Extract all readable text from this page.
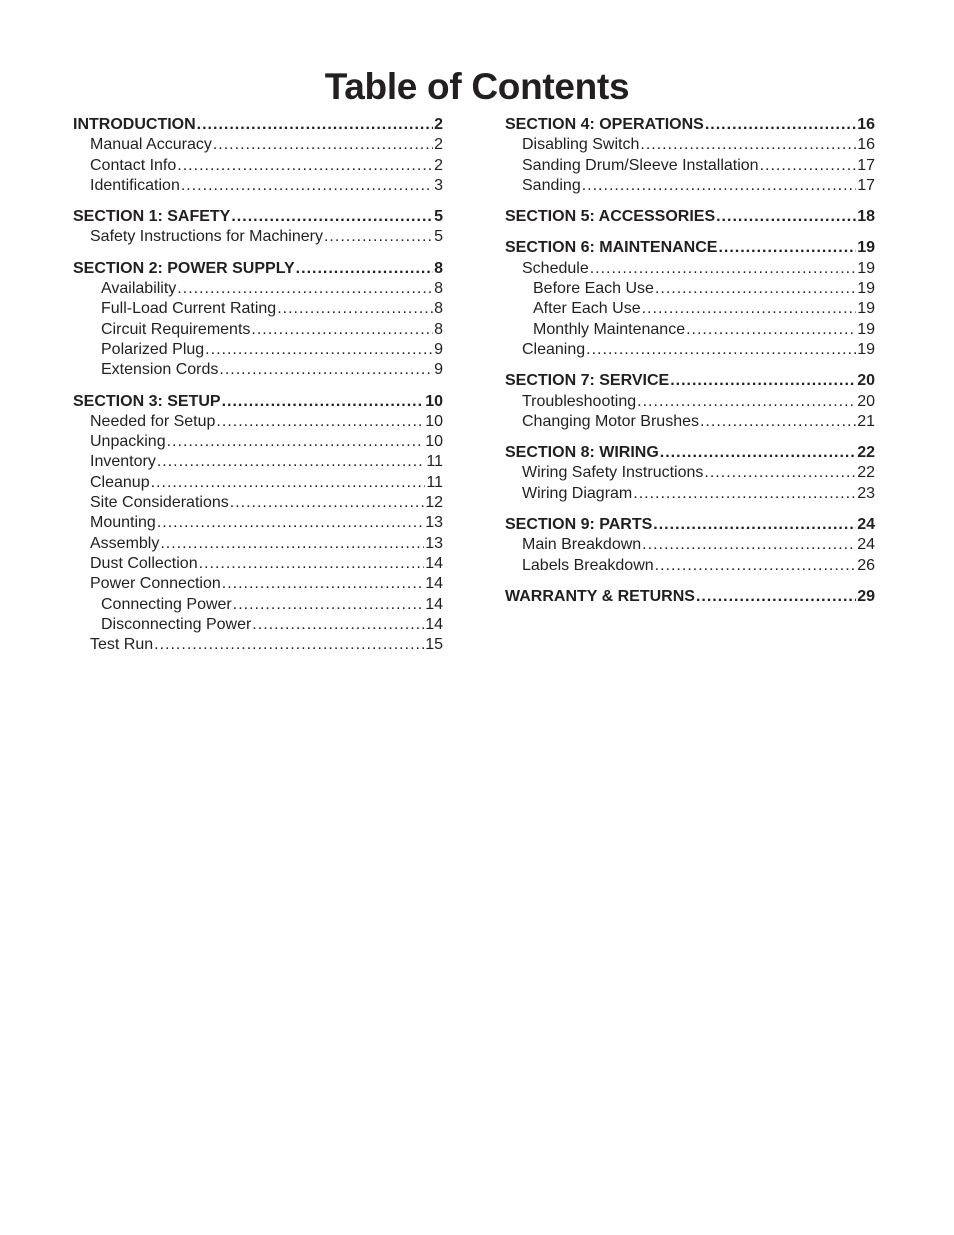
Table of Contents
INTRODUCTION .....	2
Manual Accuracy .....	2
Contact Info .....	2
Identification .....	3
SECTION 1: SAFETY .....	5
Safety Instructions for Machinery .....	5
SECTION 2: POWER SUPPLY .....	8
Availability .....	8
Full-Load Current Rating .....	8
Circuit Requirements .....	8
Polarized Plug .....	9
Extension Cords .....	9
SECTION 3: SETUP .....	10
Needed for Setup .....	10
Unpacking .....	10
Inventory .....	11
Cleanup .....	11
Site Considerations .....	12
Mounting .....	13
Assembly .....	13
Dust Collection .....	14
Power Connection .....	14
Connecting Power .....	14
Disconnecting Power .....	14
Test Run .....	15
SECTION 4: OPERATIONS .....	16
Disabling Switch .....	16
Sanding Drum/Sleeve Installation .....	17
Sanding .....	17
SECTION 5: ACCESSORIES .....	18
SECTION 6: MAINTENANCE .....	19
Schedule .....	19
Before Each Use .....	19
After Each Use .....	19
Monthly Maintenance .....	19
Cleaning .....	19
SECTION 7: SERVICE .....	20
Troubleshooting .....	20
Changing Motor Brushes .....	21
SECTION 8: WIRING .....	22
Wiring Safety Instructions .....	22
Wiring Diagram .....	23
SECTION 9: PARTS .....	24
Main Breakdown .....	24
Labels Breakdown .....	26
WARRANTY & RETURNS .....	29
